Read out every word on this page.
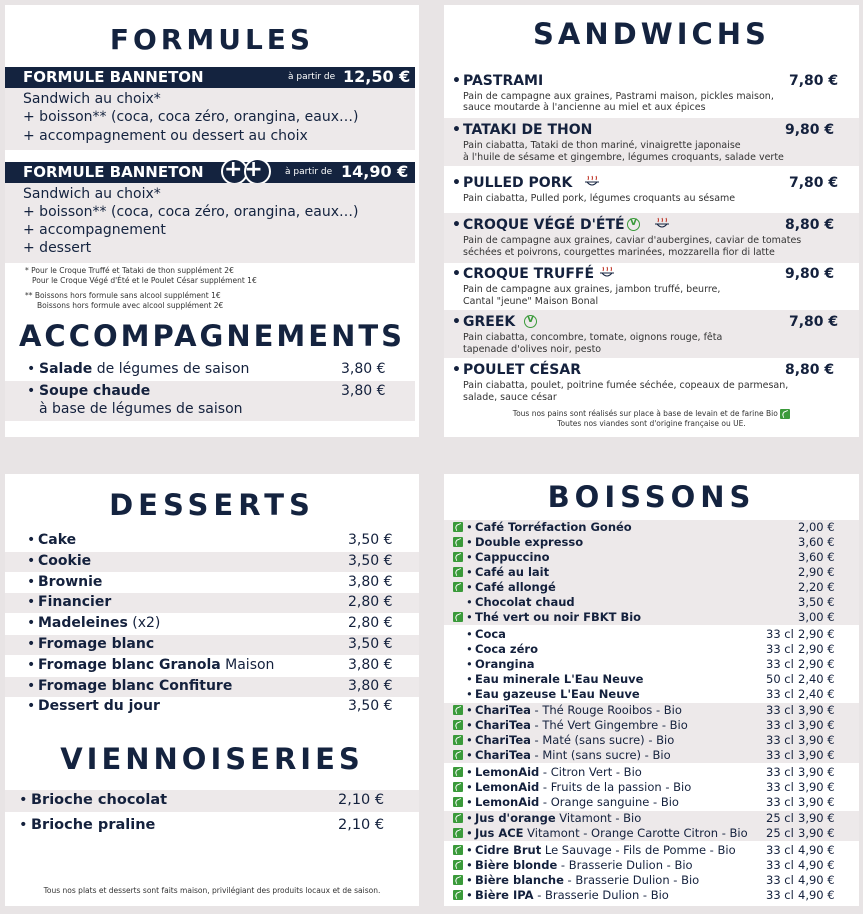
FORMULES
FORMULE BANNETON	à partir de 12,50 €
Sandwich au choix*
+ boisson** (coca, coca zéro, orangina, eaux…)
+ accompagnement ou dessert au choix
FORMULE BANNETON ++ à partir de 14,90 €
Sandwich au choix*
+ boisson** (coca, coca zéro, orangina, eaux…)
+ accompagnement
+ dessert
* Pour le Croque Truffé et Tataki de thon supplément 2€
Pour le Croque Végé d'Été et le Poulet César supplément 1€
** Boissons hors formule sans alcool supplément 1€
Boissons hors formule avec alcool supplément 2€
ACCOMPAGNEMENTS
• Salade de légumes de saison	3,80 €
• Soupe chaude
à base de légumes de saison
3,80 €
SANDWICHS
• PASTRAMI	7,80 €
Pain de campagne aux graines, Pastrami maison, pickles maison,
sauce moutarde à l'ancienne au miel et aux épices
• TATAKI DE THON	9,80 €
Pain ciabatta, Tataki de thon mariné, vinaigrette japonaise
à l'huile de sésame et gingembre, légumes croquants, salade verte
• PULLED PORK	7,80 €
Pain ciabatta, Pulled pork, légumes croquants au sésame
• CROQUE VÉGÉ D'ÉTÉ V	8,80 €
Pain de campagne aux graines, caviar d'aubergines, caviar de tomates
séchées et poivrons, courgettes marinées, mozzarella fior di latte
• CROQUE TRUFFÉ	9,80 €
Pain de campagne aux graines, jambon truffé, beurre,
Cantal "jeune" Maison Bonal
• GREEK V	7,80 €
Pain ciabatta, concombre, tomate, oignons rouge, fêta
tapenade d'olives noir, pesto
• POULET CÉSAR	8,80 €
Pain ciabatta, poulet, poitrine fumée séchée, copeaux de parmesan,
salade, sauce césar
Tous nos pains sont réalisés sur place à base de levain et de farine Bio
Toutes nos viandes sont d'origine française ou UE.
DESSERTS
• Cake	3,50 €
• Cookie	3,50 €
• Brownie	3,80 €
• Financier	2,80 €
• Madeleines (x2)	2,80 €
• Fromage blanc	3,50 €
• Fromage blanc Granola Maison	3,80 €
• Fromage blanc Confiture	3,80 €
• Dessert du jour	3,50 €
VIENNOISERIES
• Brioche chocolat	2,10 €
• Brioche praline	2,10 €
Tous nos plats et desserts sont faits maison, privilégiant des produits locaux et de saison.
BOISSONS
• Café Torréfaction Gonéo	2,00 €
• Double expresso	3,60 €
• Cappuccino	3,60 €
• Café au lait	2,90 €
• Café allongé	2,20 €
• Chocolat chaud	3,50 €
• Thé vert ou noir FBKT Bio	3,00 €
• Coca	33 cl 2,90 €
• Coca zéro	33 cl 2,90 €
• Orangina	33 cl 2,90 €
• Eau minerale L'Eau Neuve	50 cl 2,40 €
• Eau gazeuse L'Eau Neuve	33 cl 2,40 €
• ChariTea - Thé Rouge Rooibos - Bio	33 cl 3,90 €
• ChariTea - Thé Vert Gingembre - Bio	33 cl 3,90 €
• ChariTea - Maté (sans sucre) - Bio	33 cl 3,90 €
• ChariTea - Mint (sans sucre) - Bio	33 cl 3,90 €
• LemonAid - Citron Vert - Bio	33 cl 3,90 €
• LemonAid - Fruits de la passion - Bio	33 cl 3,90 €
• LemonAid - Orange sanguine - Bio	33 cl 3,90 €
• Jus d'orange Vitamont - Bio	25 cl 3,90 €
• Jus ACE Vitamont - Orange Carotte Citron - Bio 25 cl 3,90 €
• Cidre Brut Le Sauvage - Fils de Pomme - Bio	33 cl 4,90 €
• Bière blonde - Brasserie Dulion - Bio	33 cl 4,90 €
• Bière blanche - Brasserie Dulion - Bio	33 cl 4,90 €
• Bière IPA - Brasserie Dulion - Bio	33 cl 4,90 €
